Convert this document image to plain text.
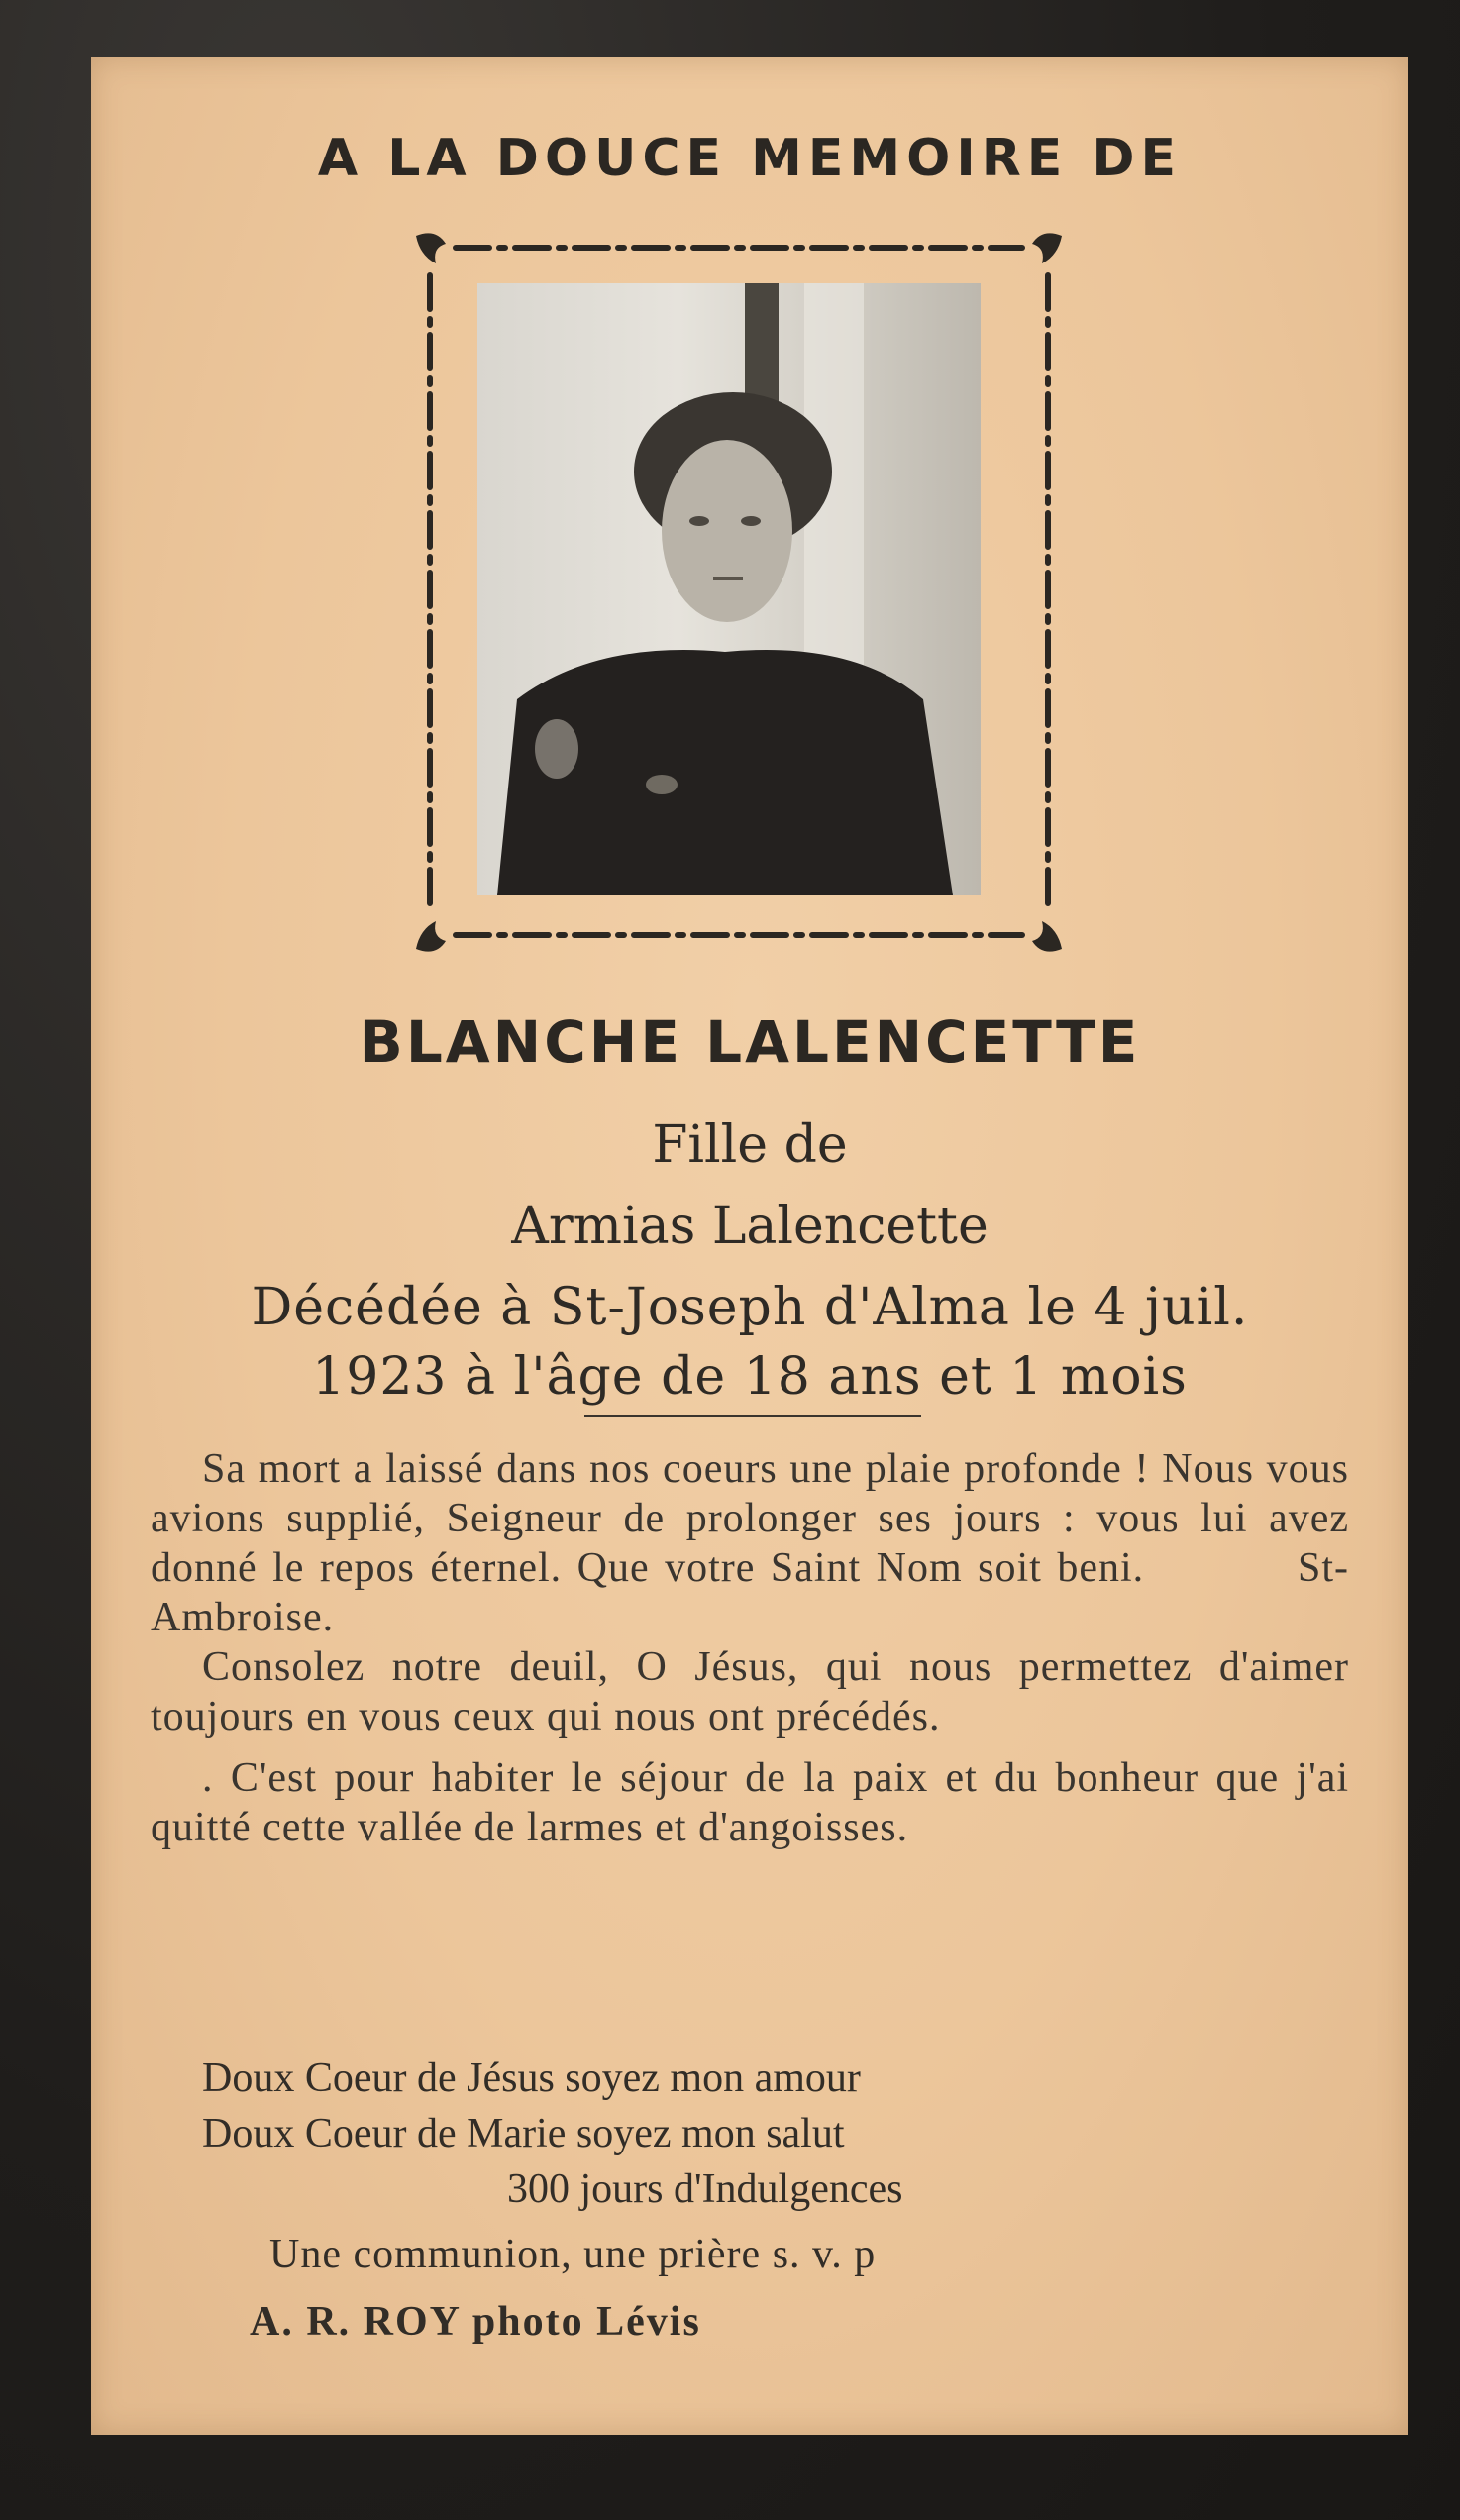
A LA DOUCE MEMOIRE DE
BLANCHE LALENCETTE
Fille de
Armias Lalencette
Décédée à St-Joseph d'Alma le 4 juil.
1923 à l'âge de 18 ans et 1 mois

Sa mort a laissé dans nos coeurs une plaie profonde ! Nous vous avions supplié, Seigneur de prolonger ses jours : vous lui avez donné le repos éternel. Que votre Saint Nom soit beni.	St-Ambroise.

Consolez notre deuil, O Jésus, qui nous permettez d'aimer toujours en vous ceux qui nous ont précédés.

. C'est pour habiter le séjour de la paix et du bonheur que j'ai quitté cette vallée de larmes et d'angoisses.

Doux Coeur de Jésus soyez mon amour
Doux Coeur de Marie soyez mon salut
300 jours d'Indulgences
Une communion, une prière s. v. p
A. R. ROY photo Lévis
